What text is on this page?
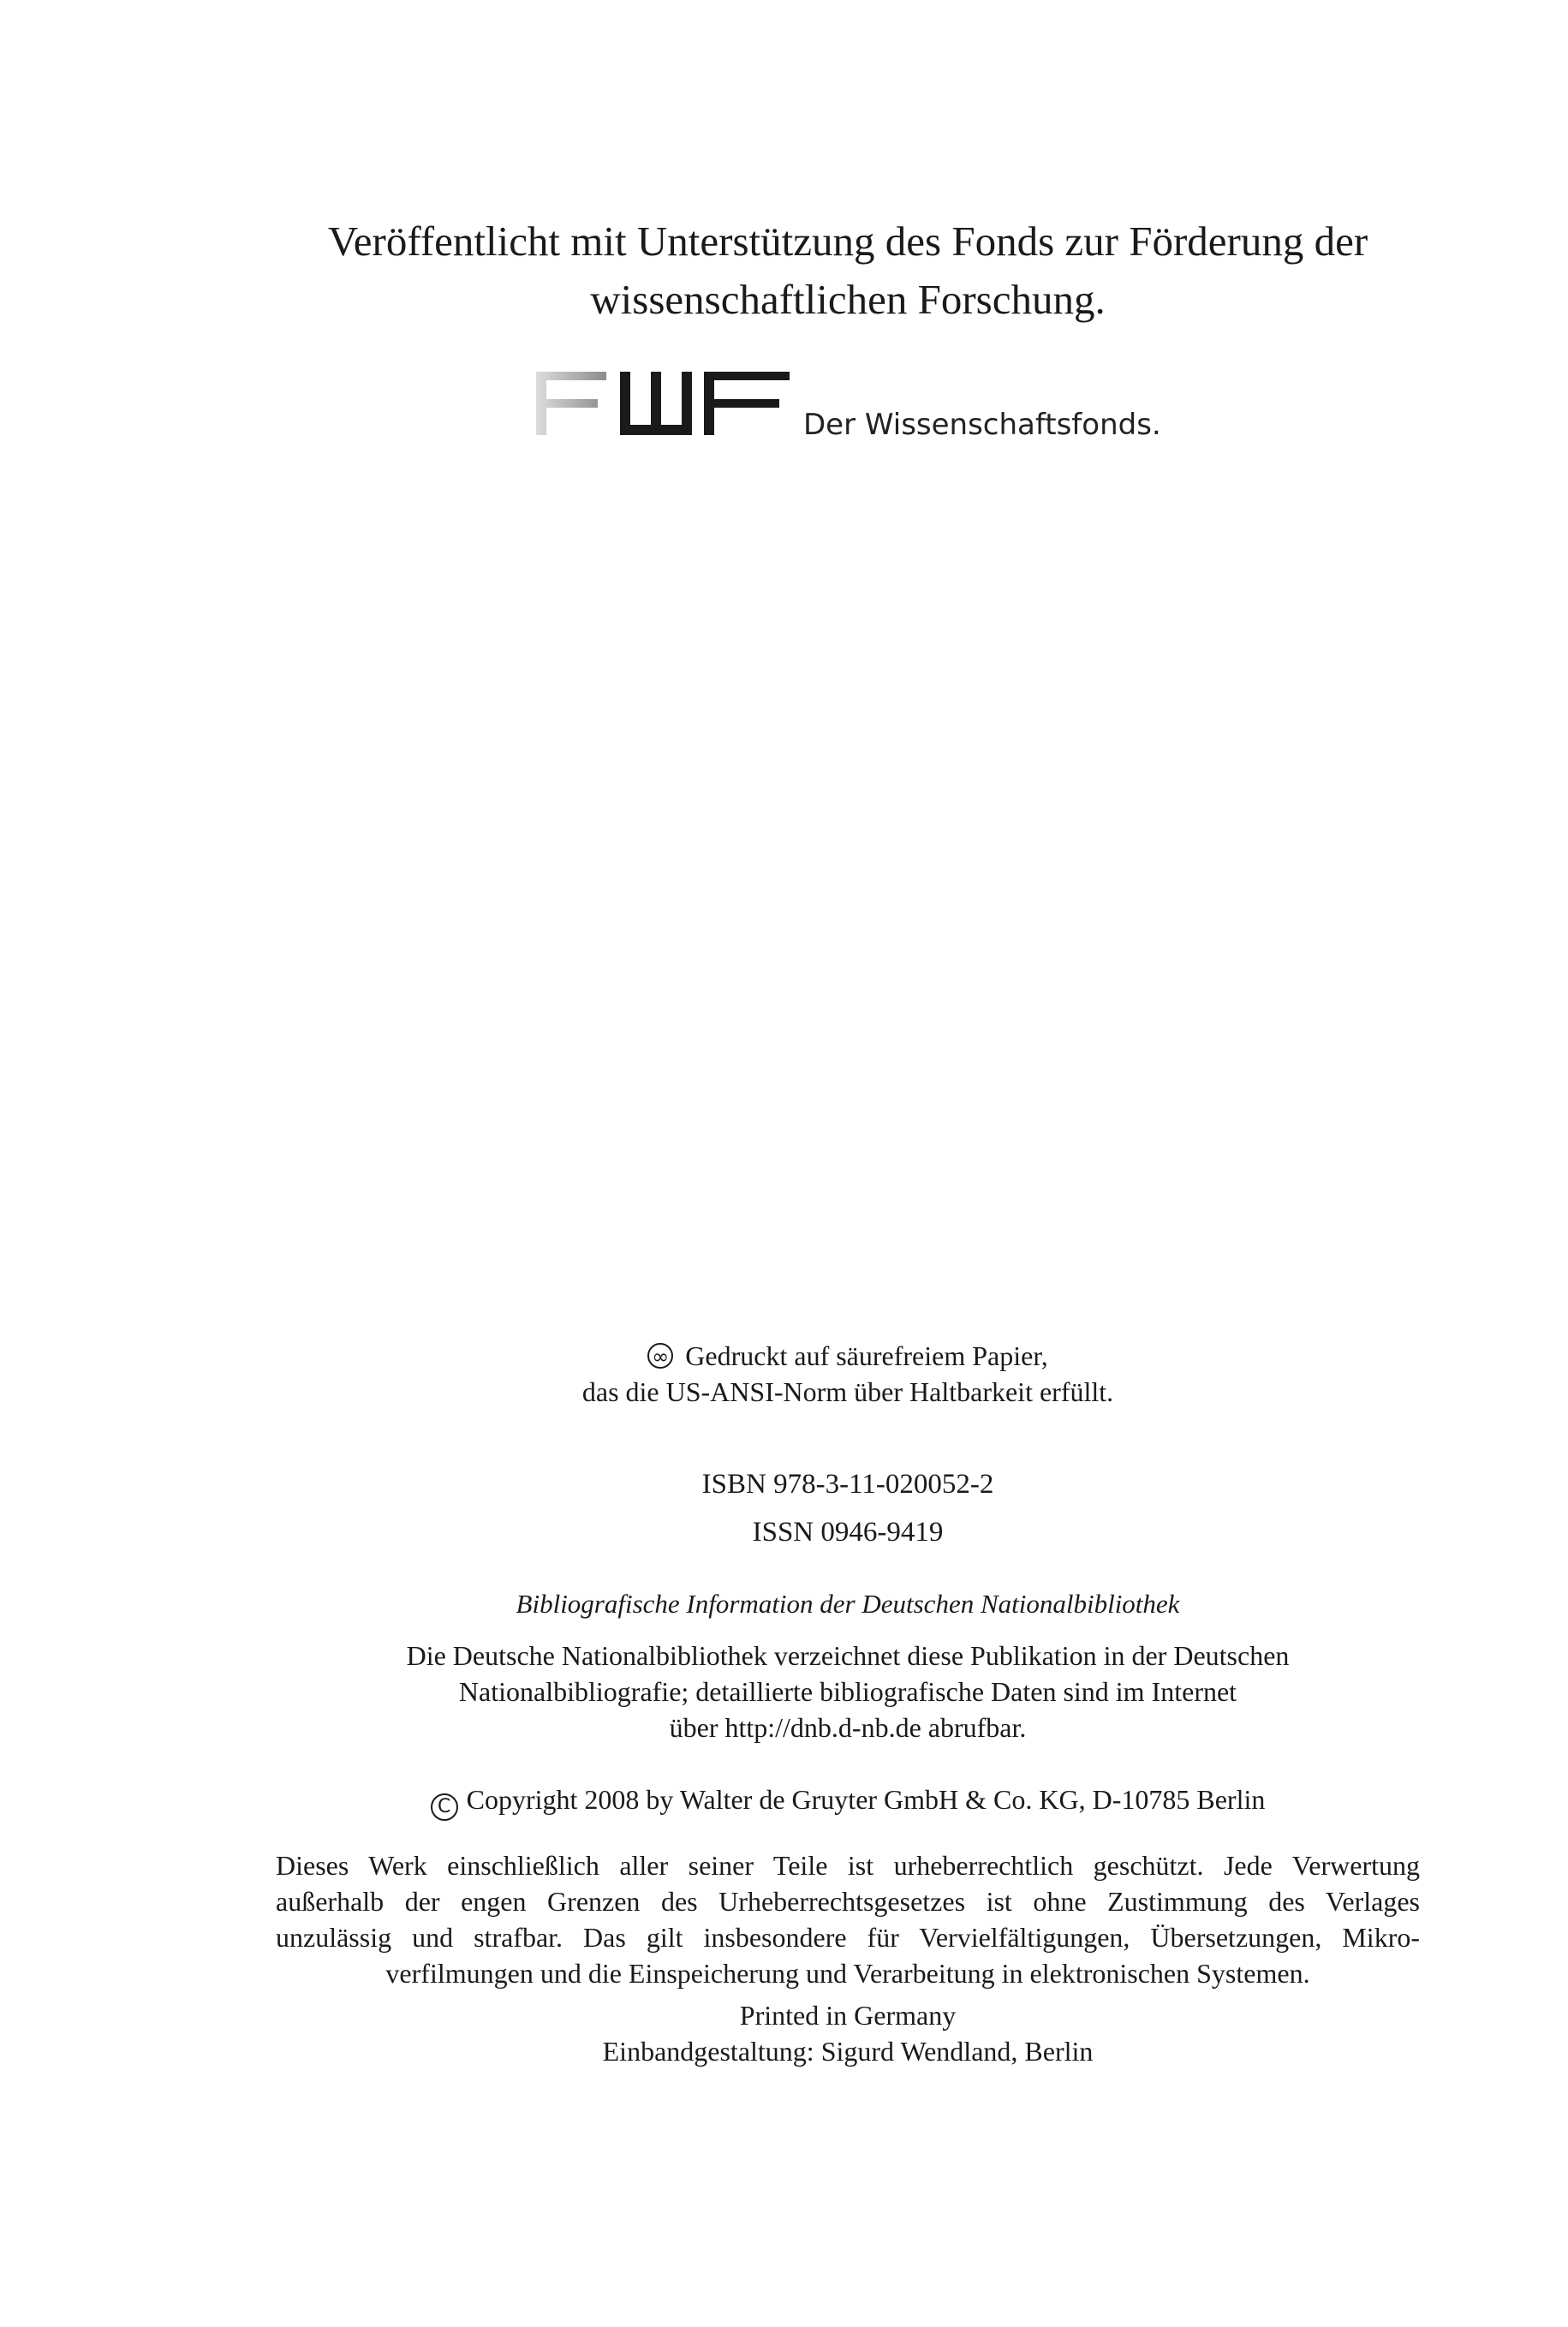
Veröffentlicht mit Unterstützung des Fonds zur Förderung der
wissenschaftlichen Forschung.
Der Wissenschaftsfonds.
∞Gedruckt auf säurefreiem Papier,
das die US-ANSI-Norm über Haltbarkeit erfüllt.
ISBN 978-3-11-020052-2
ISSN 0946-9419
Bibliografische Information der Deutschen Nationalbibliothek
Die Deutsche Nationalbibliothek verzeichnet diese Publikation in der Deutschen
Nationalbibliografie; detaillierte bibliografische Daten sind im Internet
über http://dnb.d-nb.de abrufbar.
C Copyright 2008 by Walter de Gruyter GmbH & Co. KG, D-10785 Berlin
Dieses Werk einschließlich aller seiner Teile ist urheberrechtlich geschützt. Jede Verwertung
außerhalb der engen Grenzen des Urheberrechtsgesetzes ist ohne Zustimmung des Verlages
unzulässig und strafbar. Das gilt insbesondere für Vervielfältigungen, Übersetzungen, Mikro-
verfilmungen und die Einspeicherung und Verarbeitung in elektronischen Systemen.
Printed in Germany
Einbandgestaltung: Sigurd Wendland, Berlin
